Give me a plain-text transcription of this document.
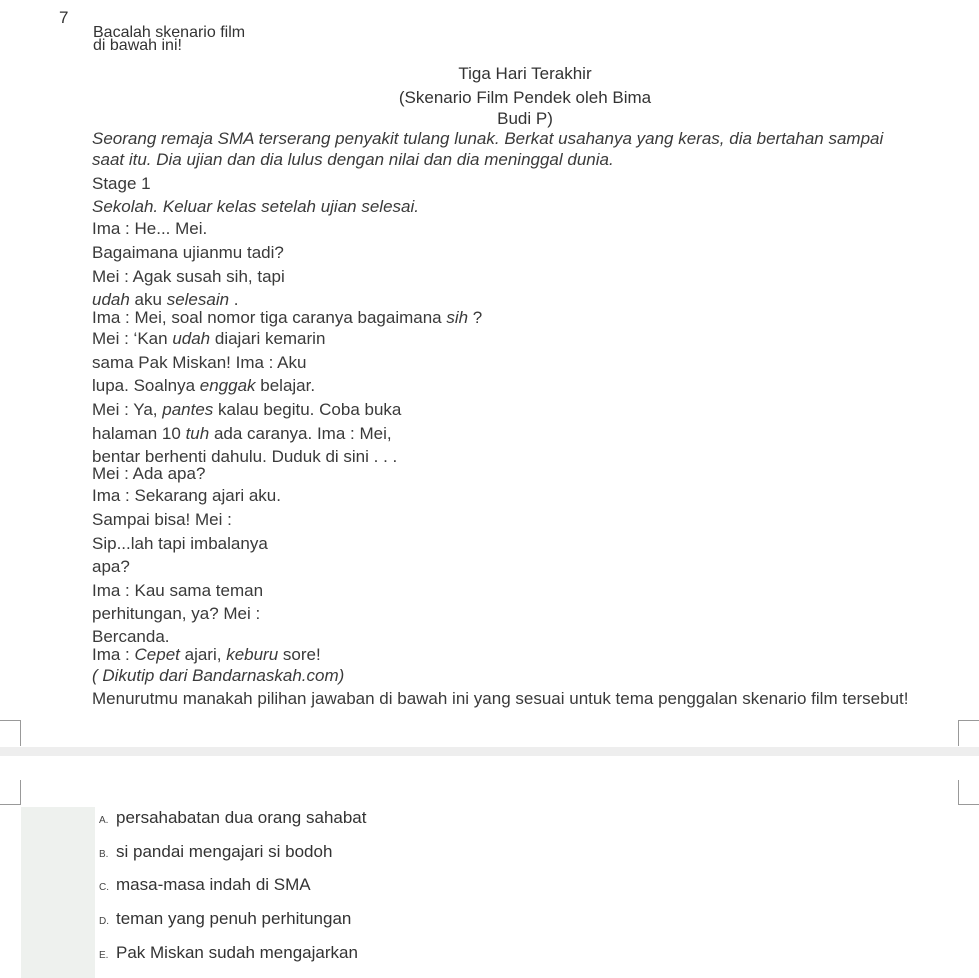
7
Bacalah skenario film
di bawah ini!
Tiga Hari Terakhir
(Skenario Film Pendek oleh Bima
Budi P)
Seorang remaja SMA terserang penyakit tulang lunak. Berkat usahanya yang keras, dia bertahan sampai
saat itu. Dia ujian dan dia lulus dengan nilai dan dia meninggal dunia.
Stage 1
Sekolah. Keluar kelas setelah ujian selesai.
Ima : He... Mei.
Bagaimana ujianmu tadi?
Mei : Agak susah sih, tapi
udah aku selesain .
Ima : Mei, soal nomor tiga caranya bagaimana sih ?
Mei : ‘Kan udah diajari kemarin
sama Pak Miskan! Ima : Aku
lupa. Soalnya enggak belajar.
Mei : Ya, pantes kalau begitu. Coba buka
halaman 10 tuh ada caranya. Ima : Mei,
bentar berhenti dahulu. Duduk di sini . . .
Mei : Ada apa?
Ima : Sekarang ajari aku.
Sampai bisa! Mei :
Sip...lah tapi imbalanya
apa?
Ima : Kau sama teman
perhitungan, ya? Mei :
Bercanda.
Ima : Cepet ajari, keburu sore!
( Dikutip dari Bandarnaskah.com)
Menurutmu manakah pilihan jawaban di bawah ini yang sesuai untuk tema penggalan skenario film tersebut!
A. persahabatan dua orang sahabat
B. si pandai mengajari si bodoh
C. masa-masa indah di SMA
D. teman yang penuh perhitungan
E. Pak Miskan sudah mengajarkan
